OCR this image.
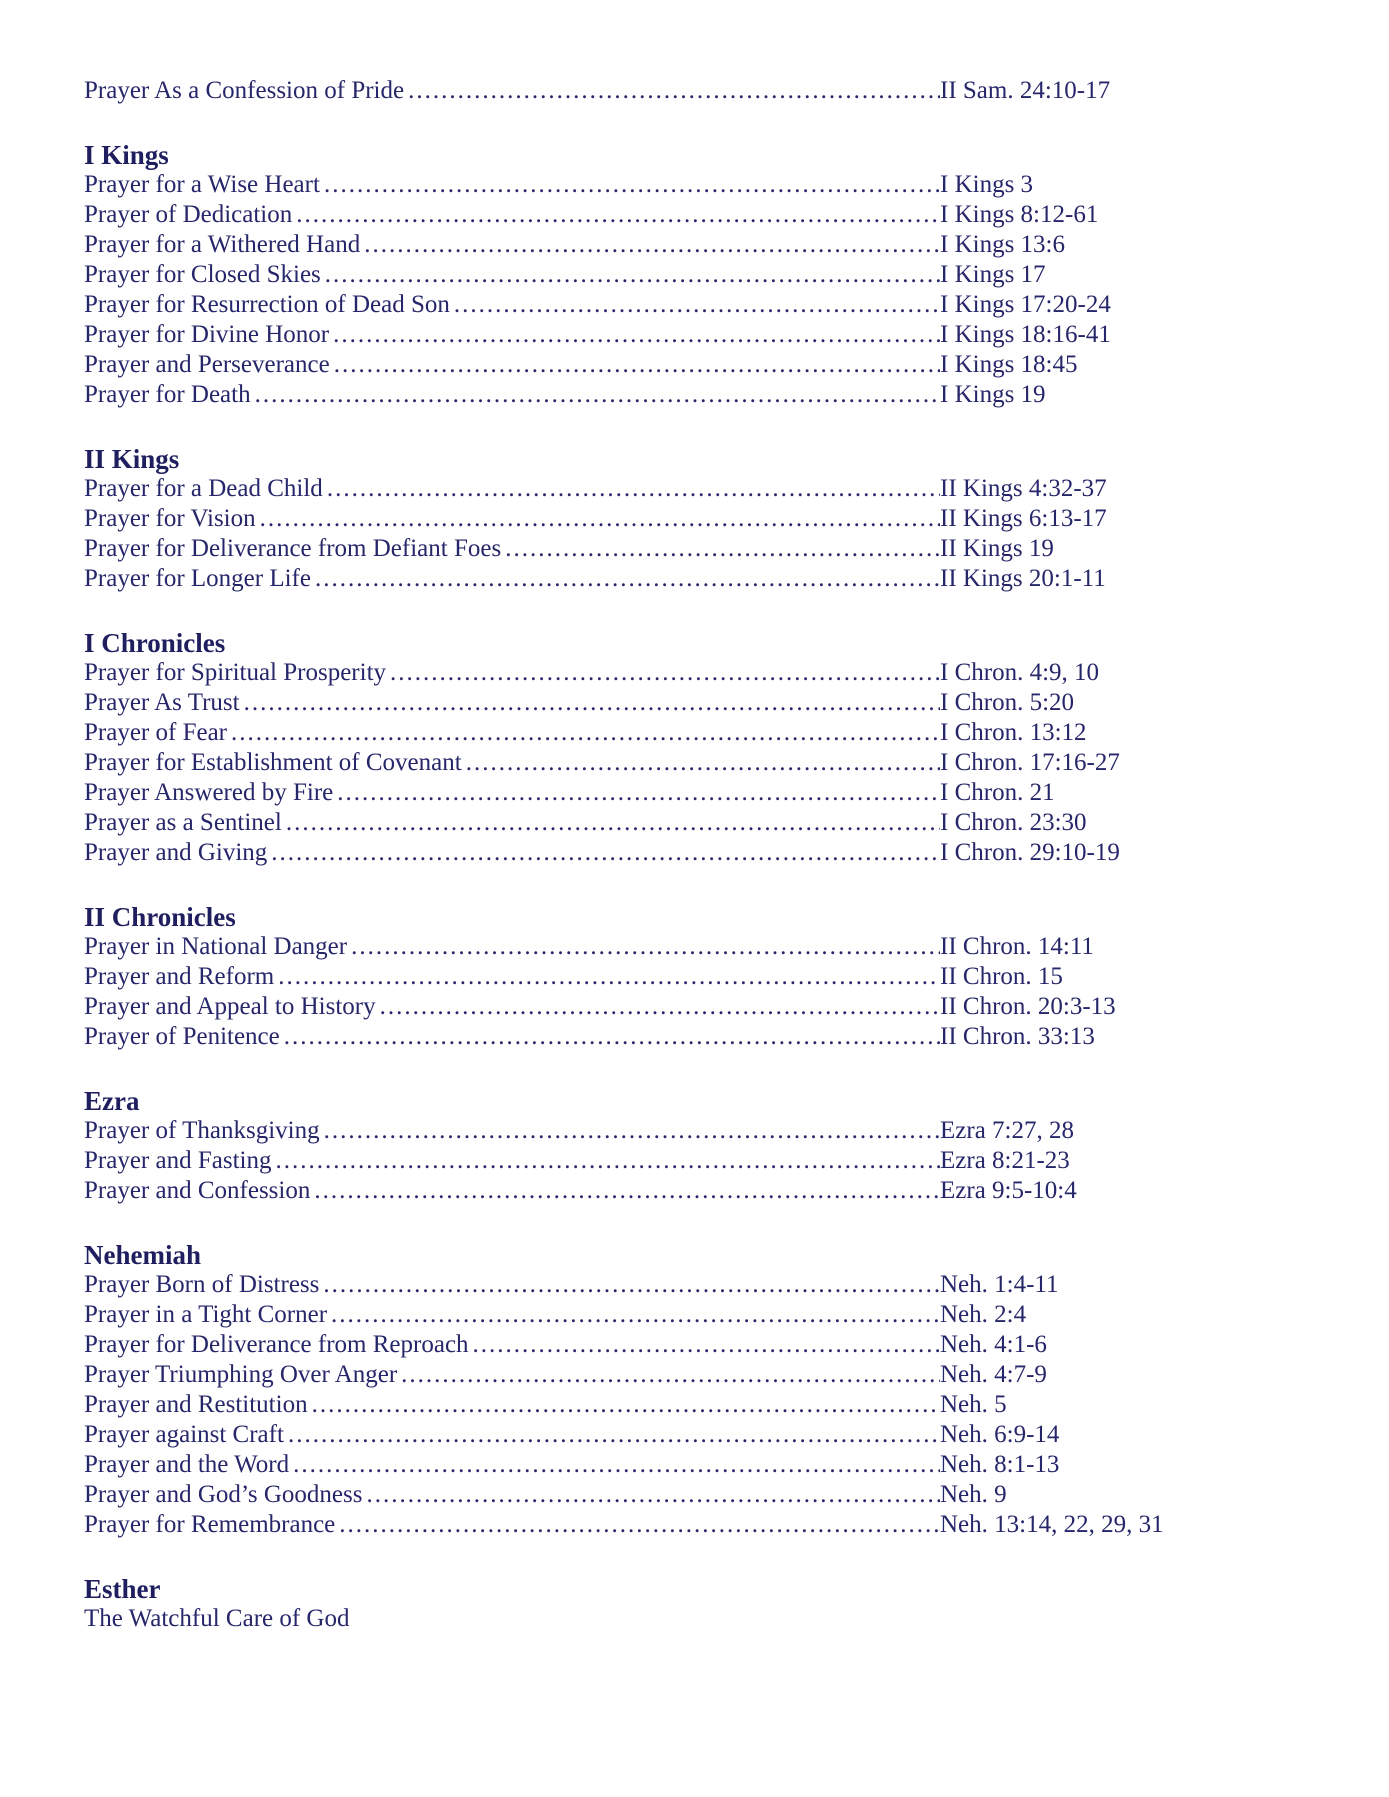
Prayer As a Confession of Pride .....	II Sam. 24:10-17
I Kings
Prayer for a Wise Heart .....	I Kings 3
Prayer of Dedication .....	I Kings 8:12-61
Prayer for a Withered Hand .....	I Kings 13:6
Prayer for Closed Skies .....	I Kings 17
Prayer for Resurrection of Dead Son .....	I Kings 17:20-24
Prayer for Divine Honor .....	I Kings 18:16-41
Prayer and Perseverance .....	I Kings 18:45
Prayer for Death .....	I Kings 19
II Kings
Prayer for a Dead Child .....	II Kings 4:32-37
Prayer for Vision .....	II Kings 6:13-17
Prayer for Deliverance from Defiant Foes .....	II Kings 19
Prayer for Longer Life .....	II Kings 20:1-11
I Chronicles
Prayer for Spiritual Prosperity .....	I Chron. 4:9, 10
Prayer As Trust .....	I Chron. 5:20
Prayer of Fear .....	I Chron. 13:12
Prayer for Establishment of Covenant .....	I Chron. 17:16-27
Prayer Answered by Fire .....	I Chron. 21
Prayer as a Sentinel .....	I Chron. 23:30
Prayer and Giving .....	I Chron. 29:10-19
II Chronicles
Prayer in National Danger .....	II Chron. 14:11
Prayer and Reform .....	II Chron. 15
Prayer and Appeal to History .....	II Chron. 20:3-13
Prayer of Penitence .....	II Chron. 33:13
Ezra
Prayer of Thanksgiving .....	Ezra 7:27, 28
Prayer and Fasting .....	Ezra 8:21-23
Prayer and Confession .....	Ezra 9:5-10:4
Nehemiah
Prayer Born of Distress .....	Neh. 1:4-11
Prayer in a Tight Corner .....	Neh. 2:4
Prayer for Deliverance from Reproach .....	Neh. 4:1-6
Prayer Triumphing Over Anger .....	Neh. 4:7-9
Prayer and Restitution .....	Neh. 5
Prayer against Craft .....	Neh. 6:9-14
Prayer and the Word .....	Neh. 8:1-13
Prayer and God’s Goodness .....	Neh. 9
Prayer for Remembrance .....	Neh. 13:14, 22, 29, 31
Esther
The Watchful Care of God
